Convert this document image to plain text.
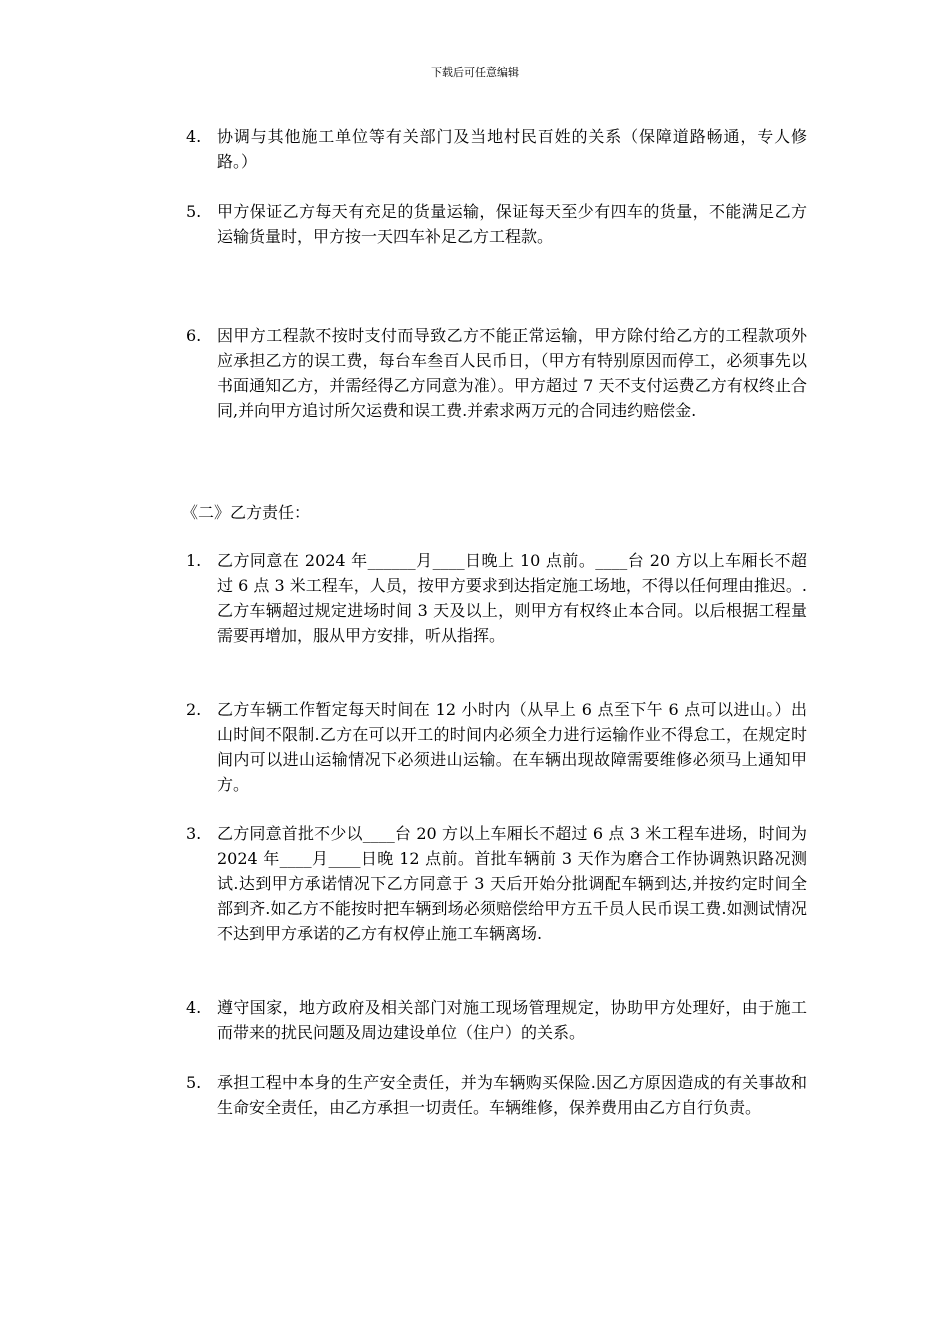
下载后可任意编辑
4. 协调与其他施工单位等有关部门及当地村民百姓的关系（保障道路畅通，专人修路。）
5. 甲方保证乙方每天有充足的货量运输，保证每天至少有四车的货量，不能满足乙方运输货量时，甲方按一天四车补足乙方工程款。
6. 因甲方工程款不按时支付而导致乙方不能正常运输，甲方除付给乙方的工程款项外应承担乙方的误工费，每台车叁百人民币日，（甲方有特别原因而停工，必须事先以书面通知乙方，并需经得乙方同意为准）。甲方超过 7 天不支付运费乙方有权终止合同,并向甲方追讨所欠运费和误工费.并索求两万元的合同违约赔偿金.
《二》乙方责任：
1. 乙方同意在 2024 年______月____日晚上 10 点前。____台 20 方以上车厢长不超过 6 点 3 米工程车，人员，按甲方要求到达指定施工场地，不得以任何理由推迟。.乙方车辆超过规定进场时间 3 天及以上，则甲方有权终止本合同。以后根据工程量需要再增加，服从甲方安排，听从指挥。
2. 乙方车辆工作暂定每天时间在 12 小时内（从早上 6 点至下午 6 点可以进山。）出山时间不限制.乙方在可以开工的时间内必须全力进行运输作业不得怠工，在规定时间内可以进山运输情况下必须进山运输。在车辆出现故障需要维修必须马上通知甲方。
3. 乙方同意首批不少以____台 20 方以上车厢长不超过 6 点 3 米工程车进场，时间为 2024 年____月____日晚 12 点前。首批车辆前 3 天作为磨合工作协调熟识路况测试.达到甲方承诺情况下乙方同意于 3 天后开始分批调配车辆到达,并按约定时间全部到齐.如乙方不能按时把车辆到场必须赔偿给甲方五千员人民币误工费.如测试情况不达到甲方承诺的乙方有权停止施工车辆离场.
4. 遵守国家，地方政府及相关部门对施工现场管理规定，协助甲方处理好，由于施工而带来的扰民问题及周边建设单位（住户）的关系。
5. 承担工程中本身的生产安全责任，并为车辆购买保险.因乙方原因造成的有关事故和生命安全责任，由乙方承担一切责任。车辆维修，保养费用由乙方自行负责。
